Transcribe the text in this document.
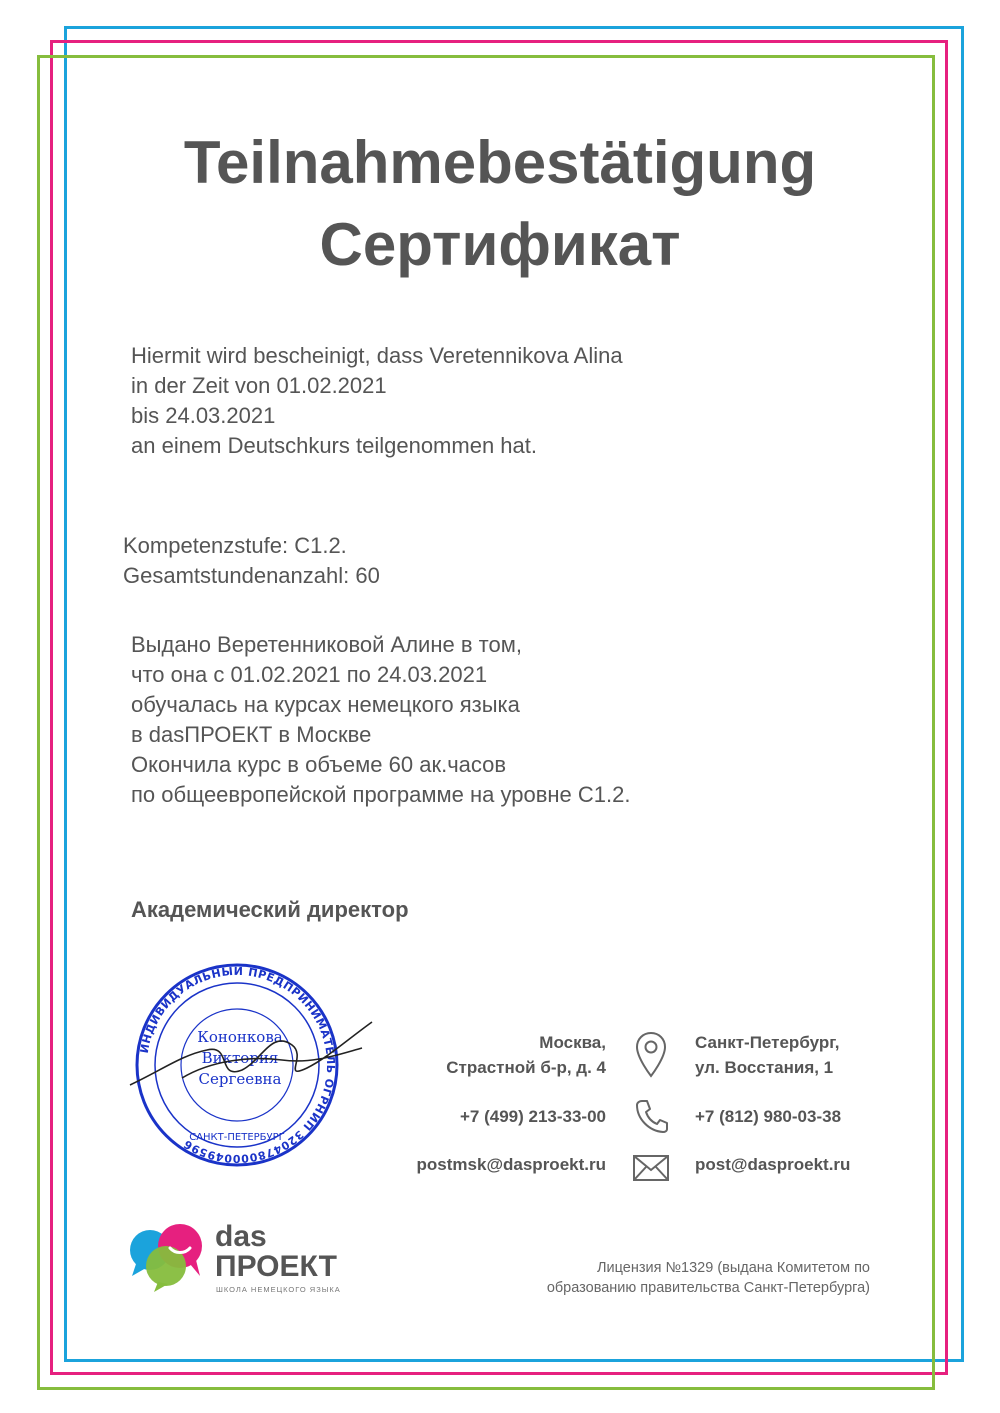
Teilnahmebestätigung
Сертификат
Hiermit wird bescheinigt, dass Veretennikova Alina
in der Zeit von 01.02.2021
bis 24.03.2021
an einem Deutschkurs teilgenommen hat.
Kompetenzstufe: С1.2.
Gesamtstundenanzahl: 60
Выдано Веретенниковой Алине в том,
что она с 01.02.2021 по 24.03.2021
обучалась на курсах немецкого языка
в dasПРОЕКТ в Москве
Окончила курс в объеме 60 ак.часов
по общеевропейской программе на уровне С1.2.
Академический директор
ИНДИВИДУАЛЬНЫЙ ПРЕДПРИНИМАТЕЛЬ ОГРНИП 320478000049596
САНКТ-ПЕТЕРБУРГ
Кононкова
Виктория
Сергеевна
Москва,
Страстной б-р, д. 4
+7 (499) 213-33-00
postmsk@dasproekt.ru
Санкт-Петербург,
ул. Восстания, 1
+7 (812) 980-03-38
post@dasproekt.ru
das
ПРОЕКТ
ШКОЛА НЕМЕЦКОГО ЯЗЫКА
Лицензия №1329 (выдана Комитетом по
образованию правительства Санкт-Петербурга)
